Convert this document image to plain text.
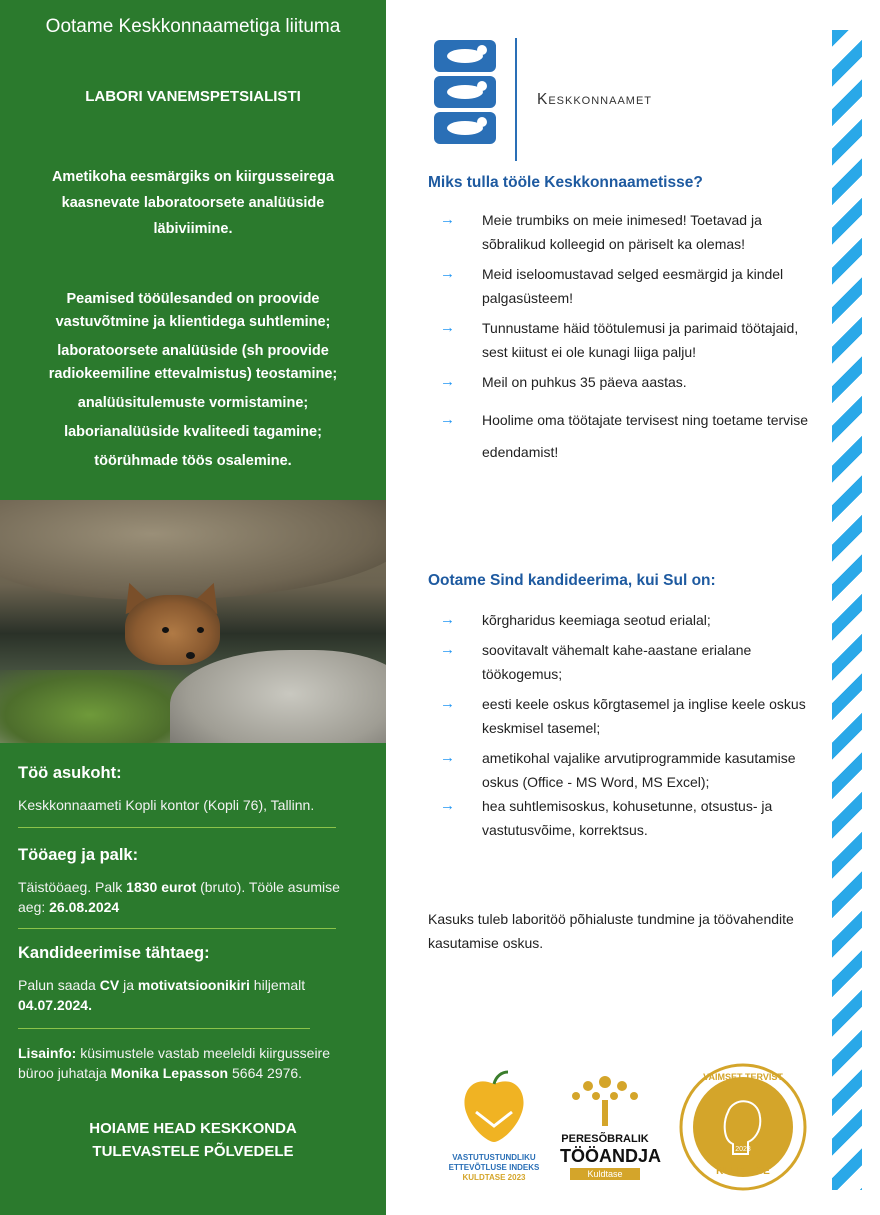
Ootame Keskkonnaametiga liituma
LABORI VANEMSPETSIALISTI
Ametikoha eesmärgiks on kiirgusseirega kaasnevate laboratoorsete analüüside läbiviimine.
Peamised tööülesanded on proovide vastuvõtmine ja klientidega suhtlemine;
laboratoorsete analüüside (sh proovide radiokeemiline ettevalmistus) teostamine;
analüüsitulemuste vormistamine;
laborianalüüside kvaliteedi tagamine;
töörühmade töös osalemine.
Töö asukoht:
Keskkonnaameti Kopli kontor (Kopli 76), Tallinn.
Tööaeg ja palk:
Täistööaeg. Palk 1830 eurot (bruto). Tööle asumise aeg: 26.08.2024
Kandideerimise tähtaeg:
Palun saada CV ja motivatsioonikiri hiljemalt
04.07.2024.
Lisainfo: küsimustele vastab meeleldi kiirgusseire büroo juhataja Monika Lepasson 5664 2976.
HOIAME HEAD KESKKONDA
TULEVASTELE PÕLVEDELE
Keskkonnaamet
Miks tulla tööle Keskkonnaametisse?
→ Meie trumbiks on meie inimesed! Toetavad ja sõbralikud kolleegid on päriselt ka olemas!
→ Meid iseloomustavad selged eesmärgid ja kindel palgasüsteem!
→ Tunnustame häid töötulemusi ja parimaid töötajaid, sest kiitust ei ole kunagi liiga palju!
→ Meil on puhkus 35 päeva aastas.
→ Hoolime oma töötajate tervisest ning toetame tervise edendamist!
Ootame Sind kandideerima, kui Sul on:
→ kõrgharidus keemiaga seotud erialal;
→ soovitavalt vähemalt kahe-aastane erialane töökogemus;
→ eesti keele oskus kõrgtasemel ja inglise keele oskus keskmisel tasemel;
→ ametikohal vajalike arvutiprogrammide kasutamise oskus (Office - MS Word, MS Excel);
→ hea suhtlemisoskus, kohusetunne, otsustus- ja vastutusvõime, korrektsus.
Kasuks tuleb laboritöö põhialuste tundmine ja töövahendite kasutamise oskus.
VASTUTUSTUNDLIKU
ETTEVÕTLUSE INDEKS
KULDTASE 2023
PERESÕBRALIK
TÖÖANDJA
Kuldtase
VAIMSET TERVIST
2023
KULDTASE
